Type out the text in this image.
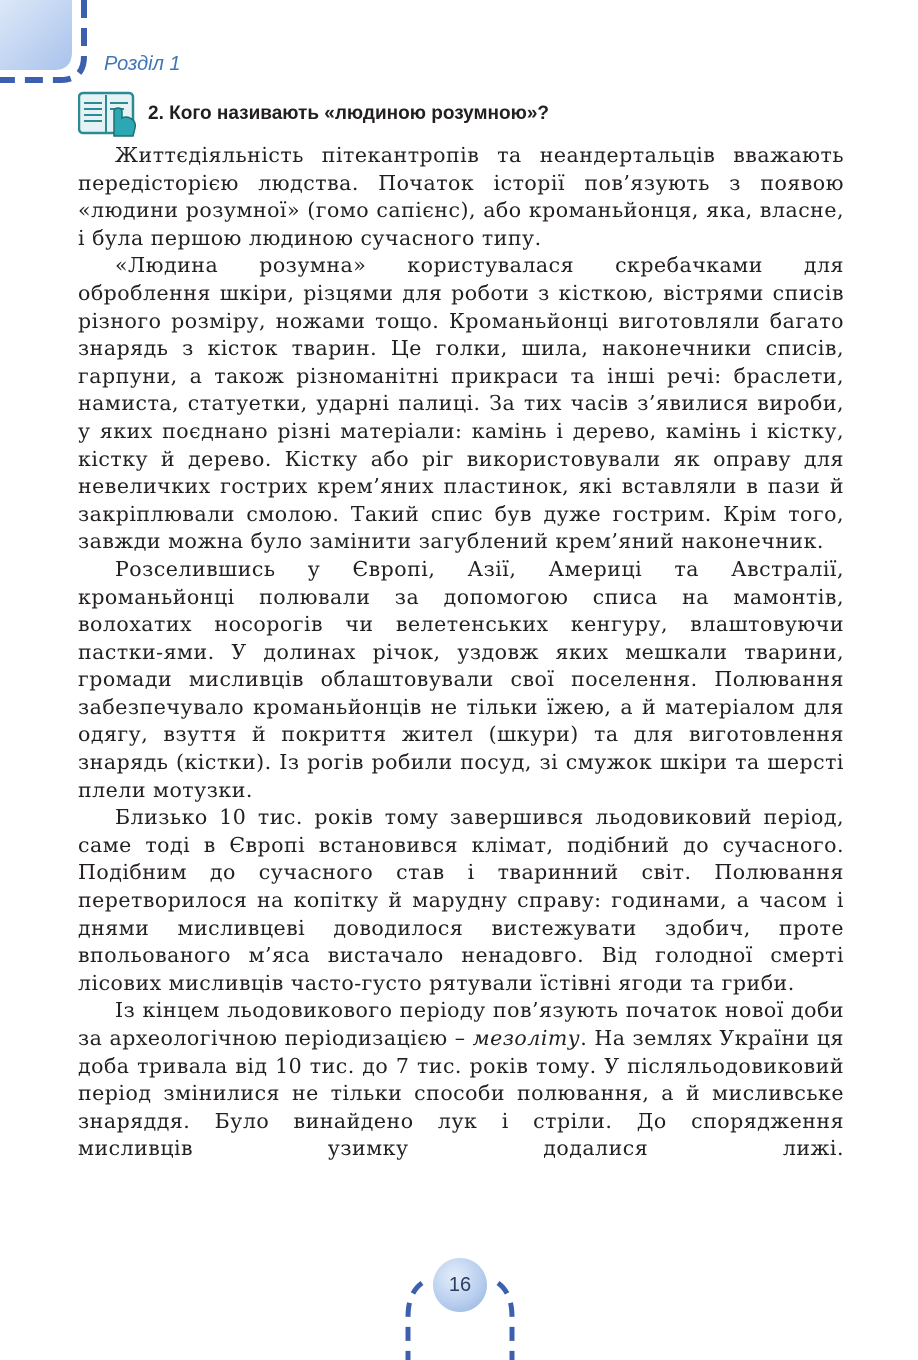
Розділ 1
2. Кого називають «людиною розумною»?

Життєдіяльність пітекантропів та неандертальців вважають передісторією людства. Початок історії пов’язують з появою «людини розумної» (гомо сапієнс), або кроманьйонця, яка, власне, і була першою людиною сучасного типу.

«Людина розумна» користувалася скребачками для оброблення шкіри, різцями для роботи з кісткою, вістрями списів різного розміру, ножами тощо. Кроманьйонці виготовляли багато знарядь з кісток тварин. Це голки, шила, наконечники списів, гарпуни, а також різноманітні прикраси та інші речі: браслети, намиста, статуетки, ударні палиці. За тих часів з’явилися вироби, у яких поєднано різні матеріали: камінь і дерево, камінь і кістку, кістку й дерево. Кістку або ріг використовували як оправу для невеличких гострих крем’яних пластинок, які вставляли в пази й закріплювали смолою. Такий спис був дуже гострим. Крім того, завжди можна було замінити загублений крем’яний наконечник.

Розселившись у Європі, Азії, Америці та Австралії, кроманьйонці полювали за допомогою списа на мамонтів, волохатих носорогів чи велетенських кенгуру, влаштовуючи пастки-ями. У долинах річок, уздовж яких мешкали тварини, громади мисливців облаштовували свої поселення. Полювання забезпечувало кроманьйонців не тільки їжею, а й матеріалом для одягу, взуття й покриття жител (шкури) та для виготовлення знарядь (кістки). Із рогів робили посуд, зі смужок шкіри та шерсті плели мотузки.

Близько 10 тис. років тому завершився льодовиковий період, саме тоді в Європі встановився клімат, подібний до сучасного. Подібним до сучасного став і тваринний світ. Полювання перетворилося на копітку й марудну справу: годинами, а часом і днями мисливцеві доводилося вистежувати здобич, проте впольованого м’яса вистачало ненадовго. Від голодної смерті лісових мисливців часто-густо рятували їстівні ягоди та гриби.

Із кінцем льодовикового періоду пов’язують початок нової доби за археологічною періодизацією – мезоліту. На землях України ця доба тривала від 10 тис. до 7 тис. років тому. У післяльодовиковий період змінилися не тільки способи полювання, а й мисливське знаряддя. Було винайдено лук і стріли. До спорядження мисливців узимку додалися лижі.

16
